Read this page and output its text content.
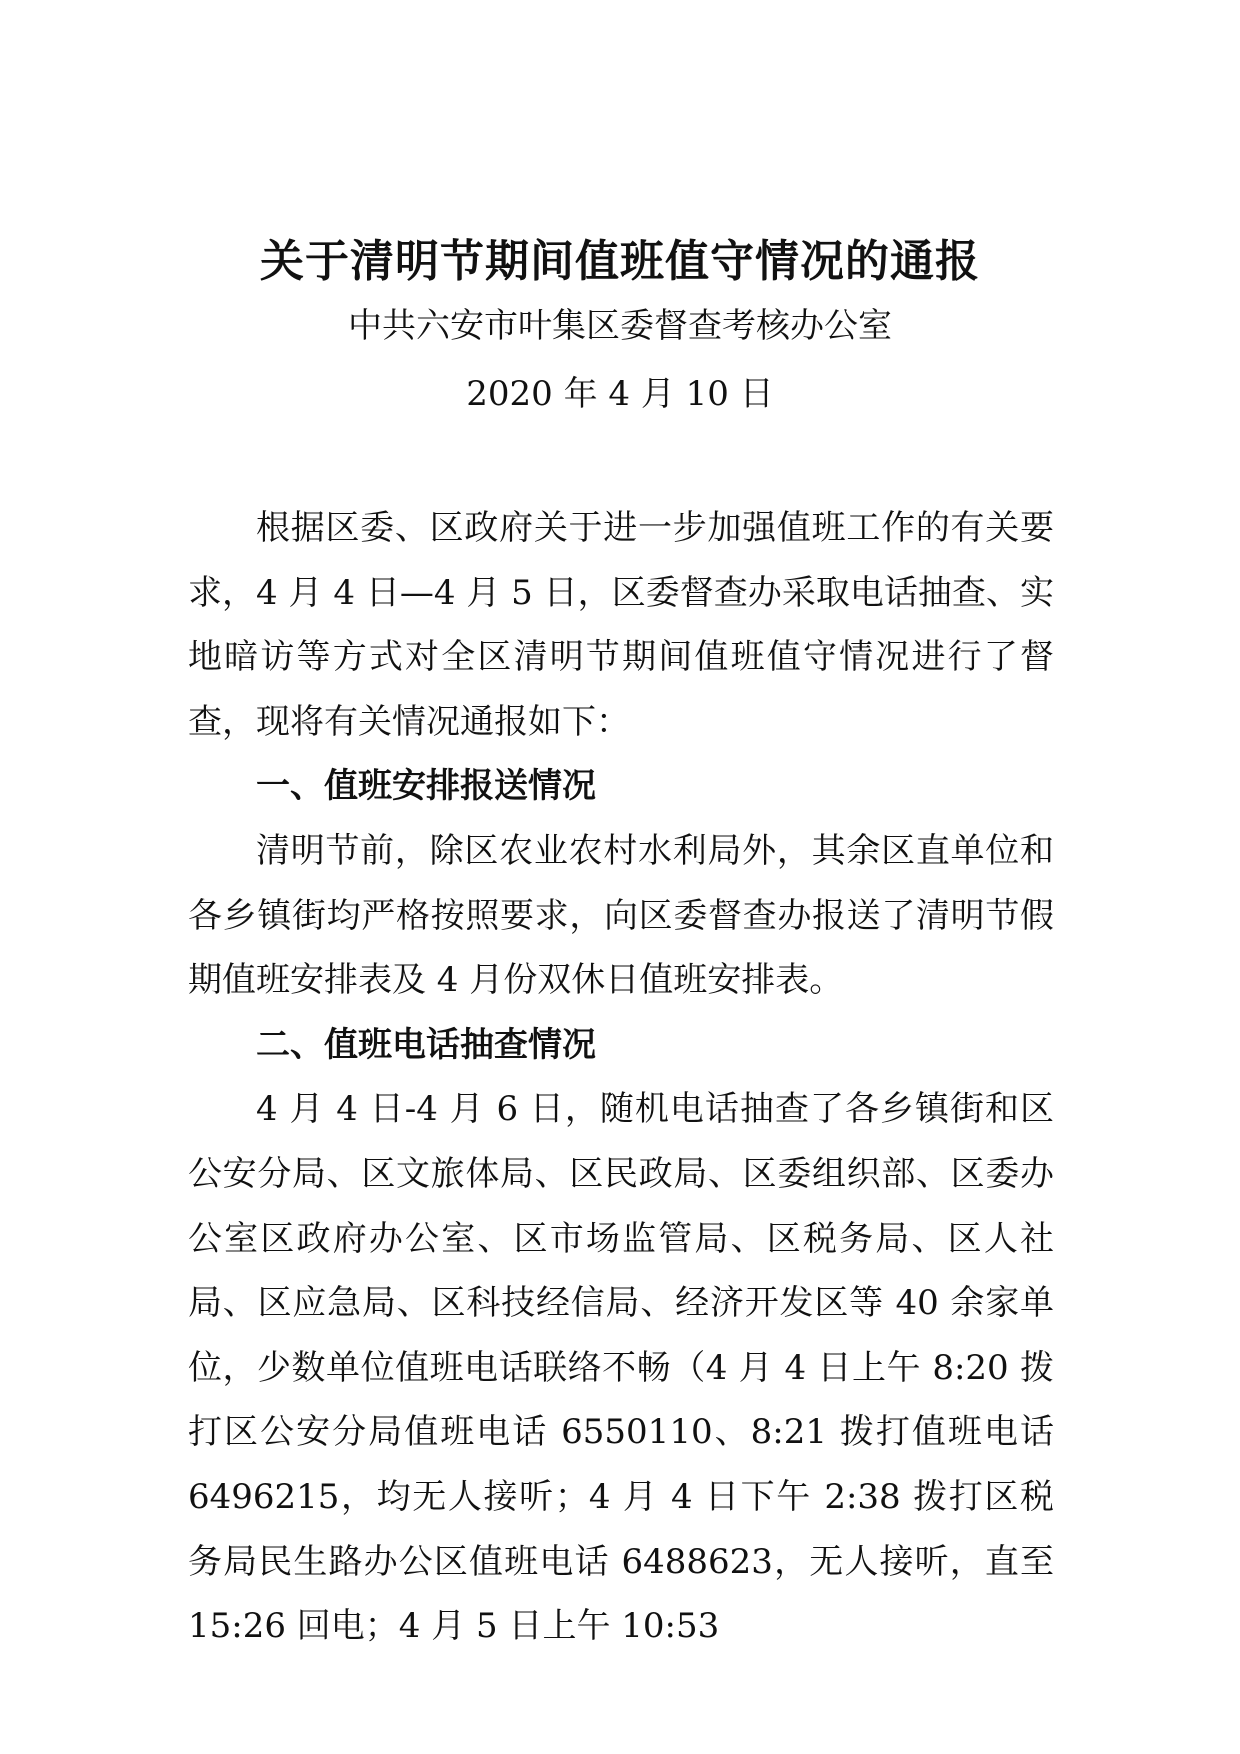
关于清明节期间值班值守情况的通报
中共六安市叶集区委督查考核办公室
2020 年 4 月 10 日

根据区委、区政府关于进一步加强值班工作的有关要求，4 月 4 日—4 月 5 日，区委督查办采取电话抽查、实地暗访等方式对全区清明节期间值班值守情况进行了督查，现将有关情况通报如下：

一、值班安排报送情况

清明节前，除区农业农村水利局外，其余区直单位和各乡镇街均严格按照要求，向区委督查办报送了清明节假期值班安排表及 4 月份双休日值班安排表。

二、值班电话抽查情况

4 月 4 日-4 月 6 日，随机电话抽查了各乡镇街和区公安分局、区文旅体局、区民政局、区委组织部、区委办公室区政府办公室、区市场监管局、区税务局、区人社局、区应急局、区科技经信局、经济开发区等 40 余家单位，少数单位值班电话联络不畅（4 月 4 日上午 8:20 拨打区公安分局值班电话 6550110、8:21 拨打值班电话 6496215，均无人接听；4 月 4 日下午 2:38 拨打区税务局民生路办公区值班电话 6488623，无人接听，直至 15:26 回电；4 月 5 日上午 10:53
